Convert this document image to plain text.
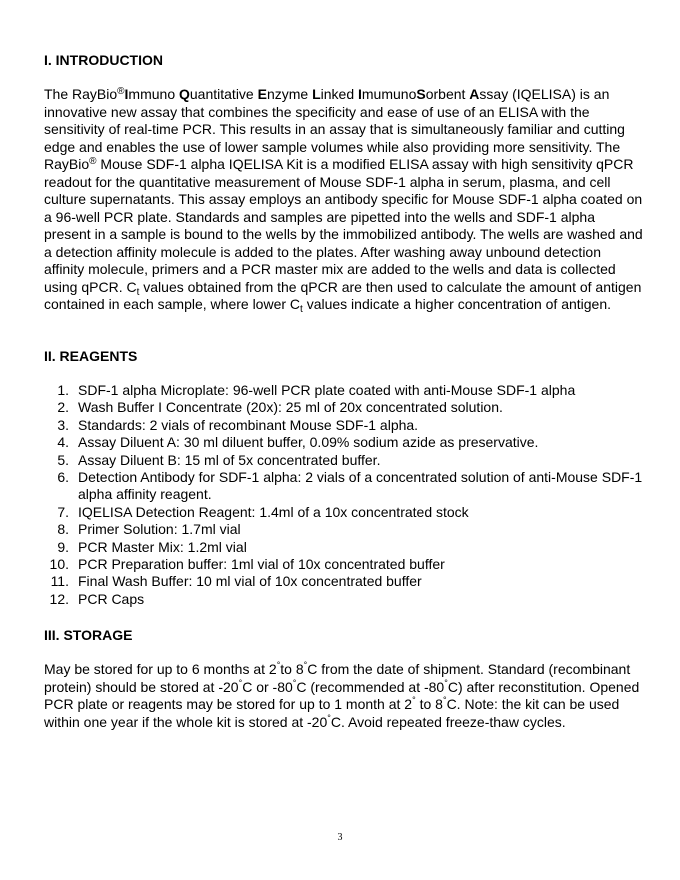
I. INTRODUCTION

The RayBio®Immuno Quantitative Enzyme Linked ImumunoSorbent Assay (IQELISA) is an innovative new assay that combines the specificity and ease of use of an ELISA with the sensitivity of real-time PCR. This results in an assay that is simultaneously familiar and cutting edge and enables the use of lower sample volumes while also providing more sensitivity. The RayBio® Mouse SDF-1 alpha IQELISA Kit is a modified ELISA assay with high sensitivity qPCR readout for the quantitative measurement of Mouse SDF-1 alpha in serum, plasma, and cell culture supernatants. This assay employs an antibody specific for Mouse SDF-1 alpha coated on a 96-well PCR plate. Standards and samples are pipetted into the wells and SDF-1 alpha present in a sample is bound to the wells by the immobilized antibody. The wells are washed and a detection affinity molecule is added to the plates. After washing away unbound detection affinity molecule, primers and a PCR master mix are added to the wells and data is collected using qPCR. $C_t$ values obtained from the qPCR are then used to calculate the amount of antigen contained in each sample, where lower $C_t$ values indicate a higher concentration of antigen.

II. REAGENTS
1. SDF-1 alpha Microplate: 96-well PCR plate coated with anti-Mouse SDF-1 alpha
2. Wash Buffer I Concentrate (20x): 25 ml of 20x concentrated solution.
3. Standards: 2 vials of recombinant Mouse SDF-1 alpha.
4. Assay Diluent A: 30 ml diluent buffer, 0.09% sodium azide as preservative.
5. Assay Diluent B: 15 ml of 5x concentrated buffer.
6. Detection Antibody for SDF-1 alpha: 2 vials of a concentrated solution of anti-Mouse SDF-1 alpha affinity reagent.
7. IQELISA Detection Reagent: 1.4ml of a 10x concentrated stock
8. Primer Solution: 1.7ml vial
9. PCR Master Mix: 1.2ml vial
10. PCR Preparation buffer: 1ml vial of 10x concentrated buffer
11. Final Wash Buffer: 10 ml vial of 10x concentrated buffer
12. PCR Caps
III. STORAGE

May be stored for up to 6 months at 2°to 8°C from the date of shipment. Standard (recombinant protein) should be stored at -20°C or -80°C (recommended at -80°C) after reconstitution. Opened PCR plate or reagents may be stored for up to 1 month at 2° to 8°C. Note: the kit can be used within one year if the whole kit is stored at -20°C. Avoid repeated freeze-thaw cycles.

3
